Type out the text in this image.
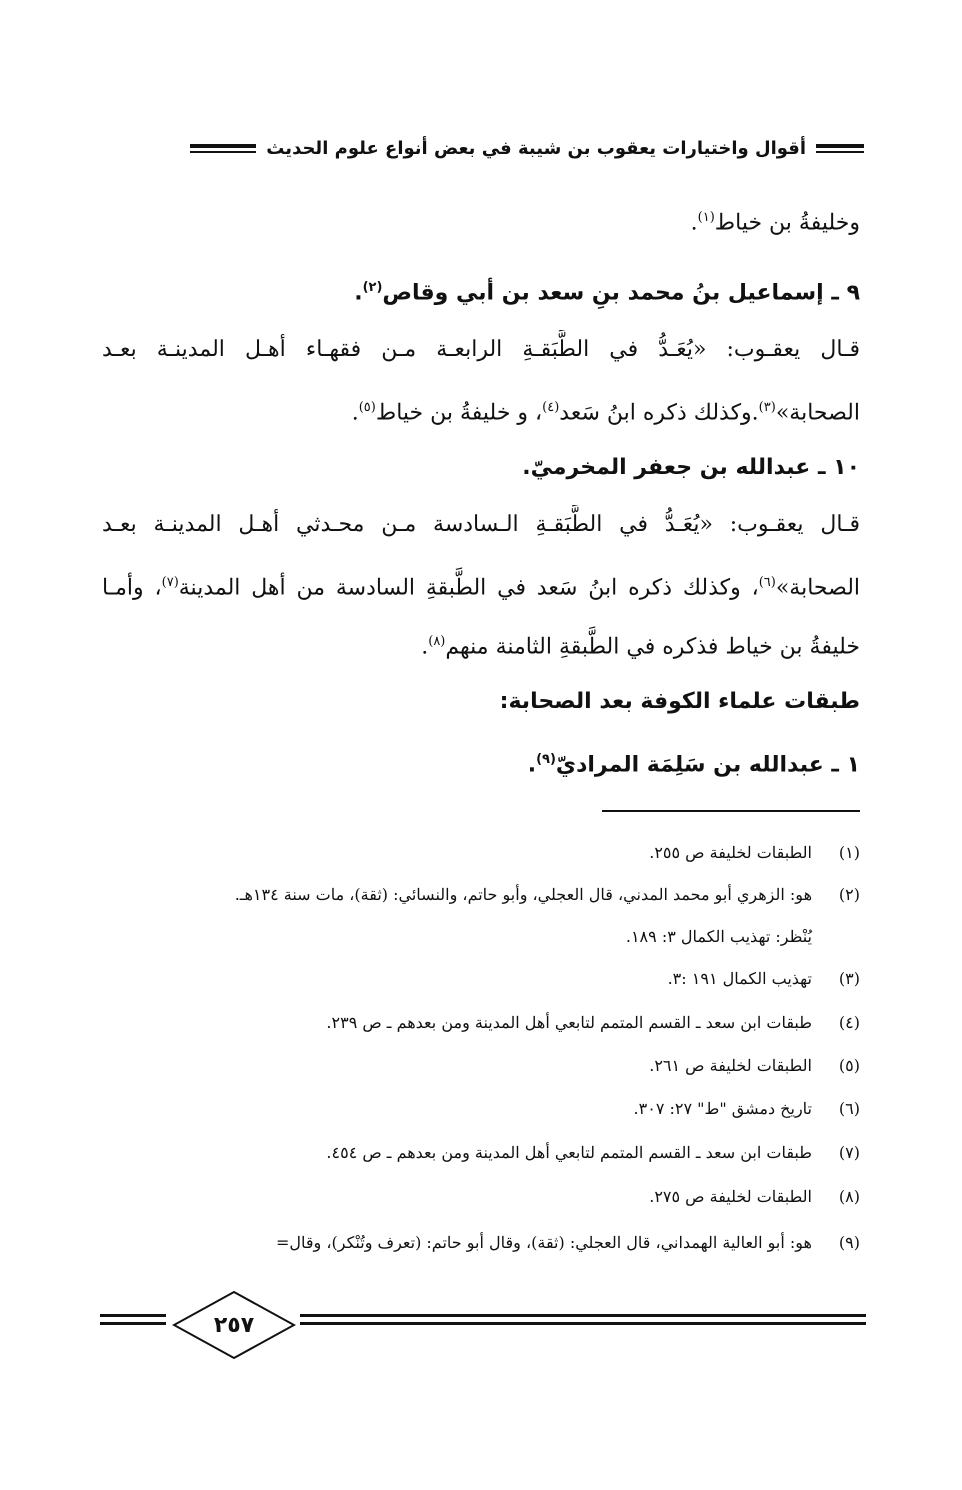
أقوال واختيارات يعقوب بن شيبة في بعض أنواع علوم الحديث
وخليفةُ بن خياط$^{(١)}$.
٩ ـ إسماعيل بنُ محمد بنِ سعد بن أبي وقاص$^{(٢)}$.
قـال يعقـوب: «يُعَـدُّ في الطَّبَقـةِ الرابعـة مـن فقهـاء أهـل المدينـة بعـد
الصحابة»$^{(٣)}$.وكذلك ذكره ابنُ سَعد$^{(٤)}$، و خليفةُ بن خياط$^{(٥)}$.
١٠ ـ عبدالله بن جعفر المخرميّ.
قـال يعقـوب: «يُعَـدُّ في الطَّبَقـةِ الـسادسة مـن محـدثي أهـل المدينـة بعـد
الصحابة»$^{(٦)}$، وكذلك ذكره ابنُ سَعد في الطَّبقةِ السادسة من أهل المدينة$^{(٧)}$، وأمـا
خليفةُ بن خياط فذكره في الطَّبقةِ الثامنة منهم$^{(٨)}$.
طبقات علماء الكوفة بعد الصحابة:
١ ـ عبدالله بن سَلِمَة المراديّ$^{(٩)}$.
(١)الطبقات لخليفة ص ٢٥٥.
(٢)هو: الزهري أبو محمد المدني، قال العجلي، وأبو حاتم، والنسائي: (ثقة)، مات سنة ١٣٤هـ.
يُنْظر: تهذيب الكمال ٣: ١٨٩.
(٣)تهذيب الكمال ١٩١ :٣.
(٤)طبقات ابن سعد ـ القسم المتمم لتابعي أهل المدينة ومن بعدهم ـ ص ٢٣٩.
(٥)الطبقات لخليفة ص ٢٦١.
(٦)تاريخ دمشق "ط" ٢٧: ٣٠٧.
(٧)طبقات ابن سعد ـ القسم المتمم لتابعي أهل المدينة ومن بعدهم ـ ص ٤٥٤.
(٨)الطبقات لخليفة ص ٢٧٥.
(٩)هو: أبو العالية الهمداني، قال العجلي: (ثقة)، وقال أبو حاتم: (تعرف وتُنْكر)، وقال=
٢٥٧
